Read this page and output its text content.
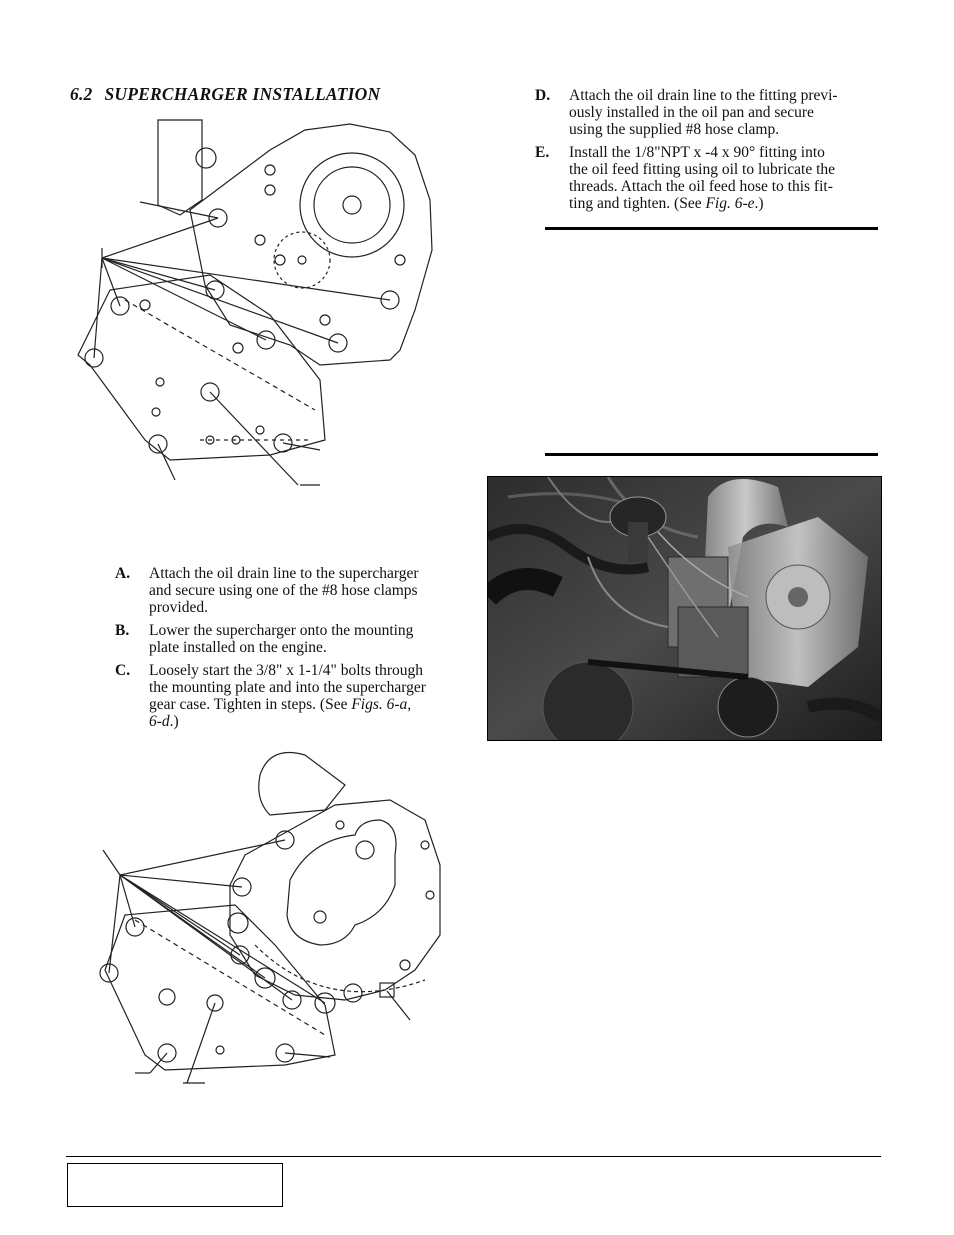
6.2 SUPERCHARGER INSTALLATION
A. Attach the oil drain line to the supercharger
and secure using one of the #8 hose clamps
provided.
B. Lower the supercharger onto the mounting
plate installed on the engine.
C. Loosely start the 3/8" x 1-1/4" bolts through
the mounting plate and into the supercharger
gear case. Tighten in steps. (See Figs. 6-a,
6-d.)
D. Attach the oil drain line to the fitting previ-
ously installed in the oil pan and secure
using the supplied #8 hose clamp.
E. Install the 1/8"NPT x -4 x 90° fitting into
the oil feed fitting using oil to lubricate the
threads. Attach the oil feed hose to this fit-
ting and tighten. (See Fig. 6-e.)
